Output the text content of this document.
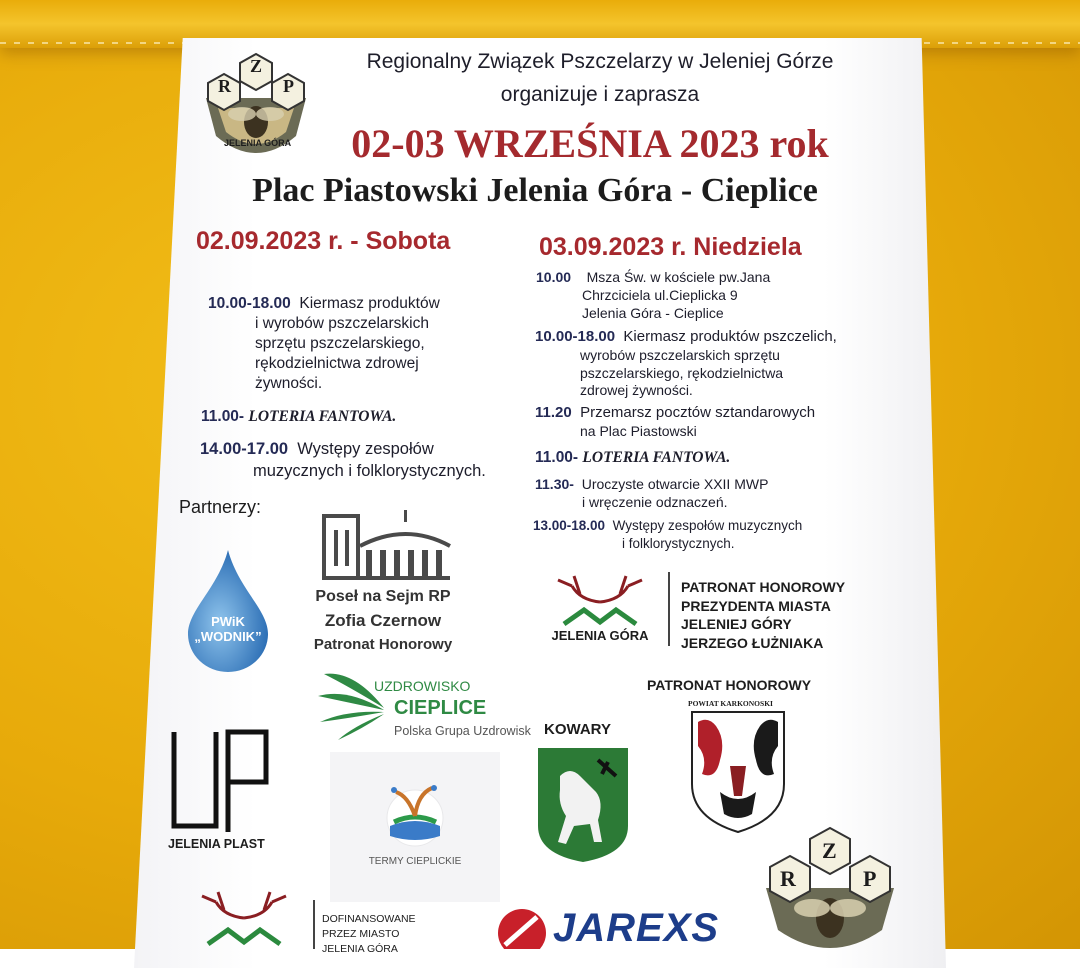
R
Z
P
JELENIA GÓRA
Regionalny Związek Pszczelarzy w Jeleniej Górze
organizuje i zaprasza
02-03 WRZEŚNIA 2023 rok
Plac Piastowski Jelenia Góra - Cieplice
02.09.2023 r. - Sobota	03.09.2023 r. Niedziela
10.00-18.00 Kiermasz produktów
i wyrobów pszczelarskich
sprzętu pszczelarskiego,
rękodzielnictwa zdrowej
żywności.
11.00- LOTERIA FANTOWA.
14.00-17.00 Występy zespołów
muzycznych i folklorystycznych.
10.00 Msza Św. w kościele pw.Jana
Chrzciciela ul.Cieplicka 9
Jelenia Góra - Cieplice
10.00-18.00 Kiermasz produktów pszczelich,
wyrobów pszczelarskich sprzętu
pszczelarskiego, rękodzielnictwa
zdrowej żywności.
11.20 Przemarsz pocztów sztandarowych
na Plac Piastowski
11.00- LOTERIA FANTOWA.
11.30- Uroczyste otwarcie XXII MWP
i wręczenie odznaczeń.
13.00-18.00 Występy zespołów muzycznych
i folklorystycznych.
Partnerzy:
PWiK
„WODNIK”
Poseł na Sejm RP
Zofia Czernow
Patronat Honorowy
JELENIA GÓRA
PATRONAT HONOROWY
PREZYDENTA MIASTA
JELENIEJ GÓRY
JERZEGO ŁUŻNIAKA
UZDROWISKO
CIEPLICE
Polska Grupa Uzdrowisk
PATRONAT HONOROWY
POWIAT KARKONOSKI
KOWARY
JELENIA PLAST
TERMY CIEPLICKIE
DOFINANSOWANE
PRZEZ MIASTO
JELENIA GÓRA	JAREXS
R
Z
P
